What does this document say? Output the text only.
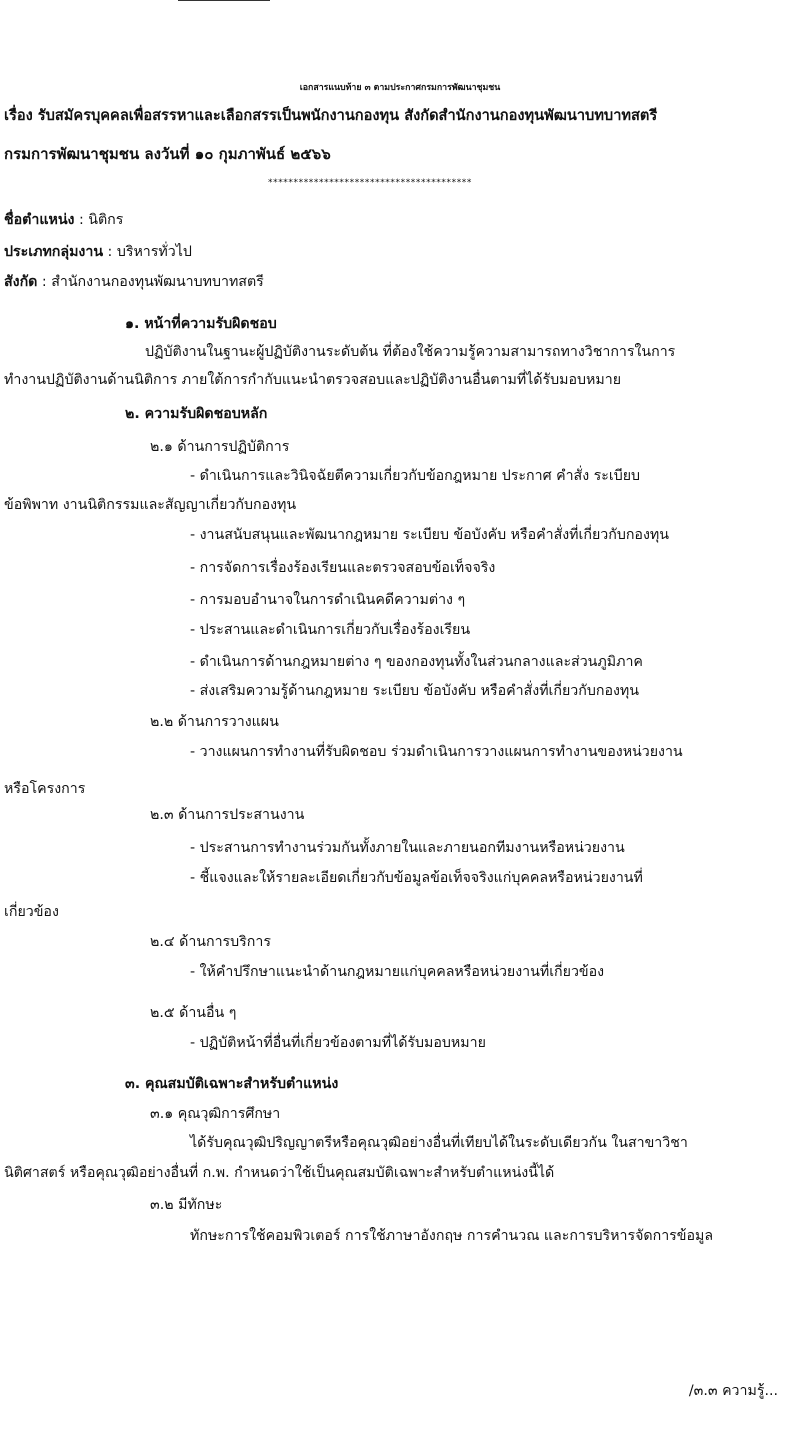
เอกสารแนบท้าย ๓ ตามประกาศกรมการพัฒนาชุมชน
เรื่อง รับสมัครบุคคลเพื่อสรรหาและเลือกสรรเป็นพนักงานกองทุน สังกัดสำนักงานกองทุนพัฒนาบทบาทสตรี
กรมการพัฒนาชุมชน ลงวันที่ ๑๐ กุมภาพันธ์ ๒๕๖๖
****************************************
ชื่อตำแหน่ง : นิติกร
ประเภทกลุ่มงาน : บริหารทั่วไป
สังกัด : สำนักงานกองทุนพัฒนาบทบาทสตรี
๑. หน้าที่ความรับผิดชอบ
ปฏิบัติงานในฐานะผู้ปฏิบัติงานระดับต้น ที่ต้องใช้ความรู้ความสามารถทางวิชาการในการ
ทำงานปฏิบัติงานด้านนิติการ ภายใต้การกำกับแนะนำตรวจสอบและปฏิบัติงานอื่นตามที่ได้รับมอบหมาย
๒. ความรับผิดชอบหลัก
๒.๑ ด้านการปฏิบัติการ
- ดำเนินการและวินิจฉัยตีความเกี่ยวกับข้อกฎหมาย ประกาศ คำสั่ง ระเบียบ
ข้อพิพาท งานนิติกรรมและสัญญาเกี่ยวกับกองทุน
- งานสนับสนุนและพัฒนากฎหมาย ระเบียบ ข้อบังคับ หรือคำสั่งที่เกี่ยวกับกองทุน
- การจัดการเรื่องร้องเรียนและตรวจสอบข้อเท็จจริง
- การมอบอำนาจในการดำเนินคดีความต่าง ๆ
- ประสานและดำเนินการเกี่ยวกับเรื่องร้องเรียน
- ดำเนินการด้านกฎหมายต่าง ๆ ของกองทุนทั้งในส่วนกลางและส่วนภูมิภาค
- ส่งเสริมความรู้ด้านกฎหมาย ระเบียบ ข้อบังคับ หรือคำสั่งที่เกี่ยวกับกองทุน
๒.๒ ด้านการวางแผน
- วางแผนการทำงานที่รับผิดชอบ ร่วมดำเนินการวางแผนการทำงานของหน่วยงาน
หรือโครงการ
๒.๓ ด้านการประสานงาน
- ประสานการทำงานร่วมกันทั้งภายในและภายนอกทีมงานหรือหน่วยงาน
- ชี้แจงและให้รายละเอียดเกี่ยวกับข้อมูลข้อเท็จจริงแก่บุคคลหรือหน่วยงานที่
เกี่ยวข้อง
๒.๔ ด้านการบริการ
- ให้คำปรึกษาแนะนำด้านกฎหมายแก่บุคคลหรือหน่วยงานที่เกี่ยวข้อง
๒.๕ ด้านอื่น ๆ
- ปฏิบัติหน้าที่อื่นที่เกี่ยวข้องตามที่ได้รับมอบหมาย
๓. คุณสมบัติเฉพาะสำหรับตำแหน่ง
๓.๑ คุณวุฒิการศึกษา
ได้รับคุณวุฒิปริญญาตรีหรือคุณวุฒิอย่างอื่นที่เทียบได้ในระดับเดียวกัน ในสาขาวิชา
นิติศาสตร์ หรือคุณวุฒิอย่างอื่นที่ ก.พ. กำหนดว่าใช้เป็นคุณสมบัติเฉพาะสำหรับตำแหน่งนี้ได้
๓.๒ มีทักษะ
ทักษะการใช้คอมพิวเตอร์ การใช้ภาษาอังกฤษ การคำนวณ และการบริหารจัดการข้อมูล
/๓.๓ ความรู้...
